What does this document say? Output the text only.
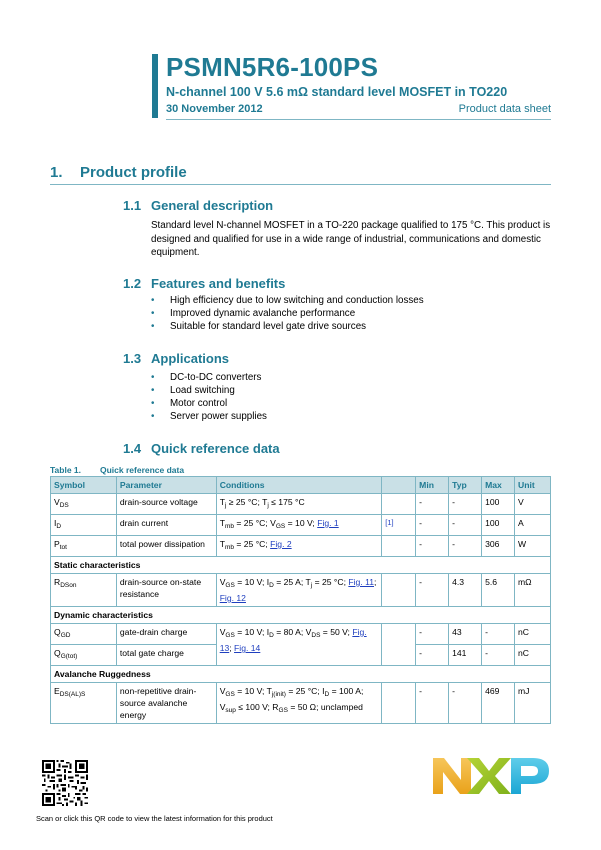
PSMN5R6-100PS
N-channel 100 V 5.6 mΩ standard level MOSFET in TO220
30 November 2012	Product data sheet
1. Product profile
1.1 General description
Standard level N-channel MOSFET in a TO-220 package qualified to 175 °C. This product is designed and qualified for use in a wide range of industrial, communications and domestic equipment.
1.2 Features and benefits
• High efficiency due to low switching and conduction losses
• Improved dynamic avalanche performance
• Suitable for standard level gate drive sources
1.3 Applications
• DC-to-DC converters
• Load switching
• Motor control
• Server power supplies
1.4 Quick reference data
Table 1. Quick reference data
Symbol	Parameter	Conditions		Min	Typ	Max	Unit
$V_{DS}$	drain-source voltage	$T_j \ge 25$ °C; $T_j \le 175$ °C		-	-	100	V
$I_D$	drain current	$T_{mb} = 25$ °C; $V_{GS} = 10$ V; Fig. 1	[1]	-	-	100	A
$P_{tot}$	total power dissipation	$T_{mb} = 25$ °C; Fig. 2		-	-	306	W
Static characteristics							
$R_{DSon}$	drain-source on-state resistance	$V_{GS} = 10$ V; $I_D = 25$ A; $T_j = 25$ °C; Fig. 11; Fig. 12		-	4.3	5.6	mΩ
Dynamic characteristics							
$Q_{GD}$	gate-drain charge	$V_{GS} = 10$ V; $I_D = 80$ A; $V_{DS} = 50$ V; Fig. 13; Fig. 14		-	43	-	nC
$Q_{G(tot)}$	total gate charge			-	141	-	nC
Avalanche Ruggedness							
$E_{DS(AL)S}$	non-repetitive drain-source avalanche energy	$V_{GS} = 10$ V; $T_{j(init)} = 25$ °C; $I_D = 100$ A; $V_{sup} \le 100$ V; $R_{GS} = 50$ Ω; unclamped		-	-	469	mJ
Scan or click this QR code to view the latest information for this product
